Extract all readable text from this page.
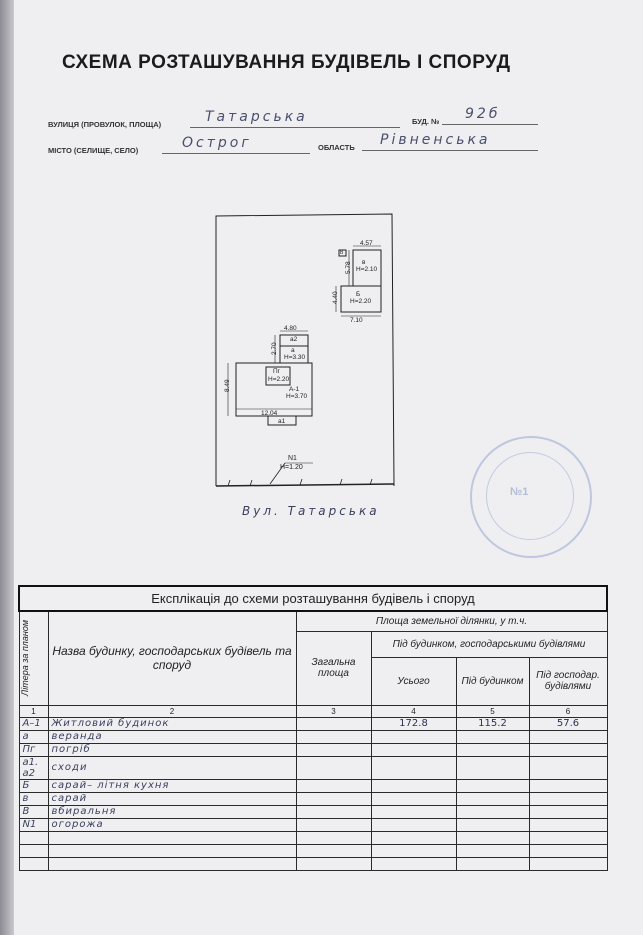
СХЕМА РОЗТАШУВАННЯ БУДІВЕЛЬ І СПОРУД
ВУЛИЦЯ (ПРОВУЛОК, ПЛОЩА)	Татарська	БУД. № 92б
МІСТО (СЕЛИЩЕ, СЕЛО)	Острог	ОБЛАСТЬ Рівненська
12.04
8.49
4.80
2.70
а2
а
H=3.30
Пг
H=2.20
А-1
H=3.70
а1
4.57
5.78 в
H=2.10
4.40	Б
H=2.20
7.10
В
N1
H=1.20
Вул. Татарська
№1
Експлікація до схеми розташування будівель і споруд					

Літера за планом	Назва будинку, господарських будівель та споруд	Площа земельної ділянки, у т.ч.			
		Загальна площа	Під будинком, господарськими будівлями		
			Усього	Під будинком	Під господар. будівлями
1	2	3	4	5	6
А–1	Житловий будинок		172.8	115.2	57.6
а	веранда				
Пг	погріб				
а1. а2	сходи				
Б	сарай– літня кухня				
в	сарай				
В	вбиральня				
N1	огорожа				
